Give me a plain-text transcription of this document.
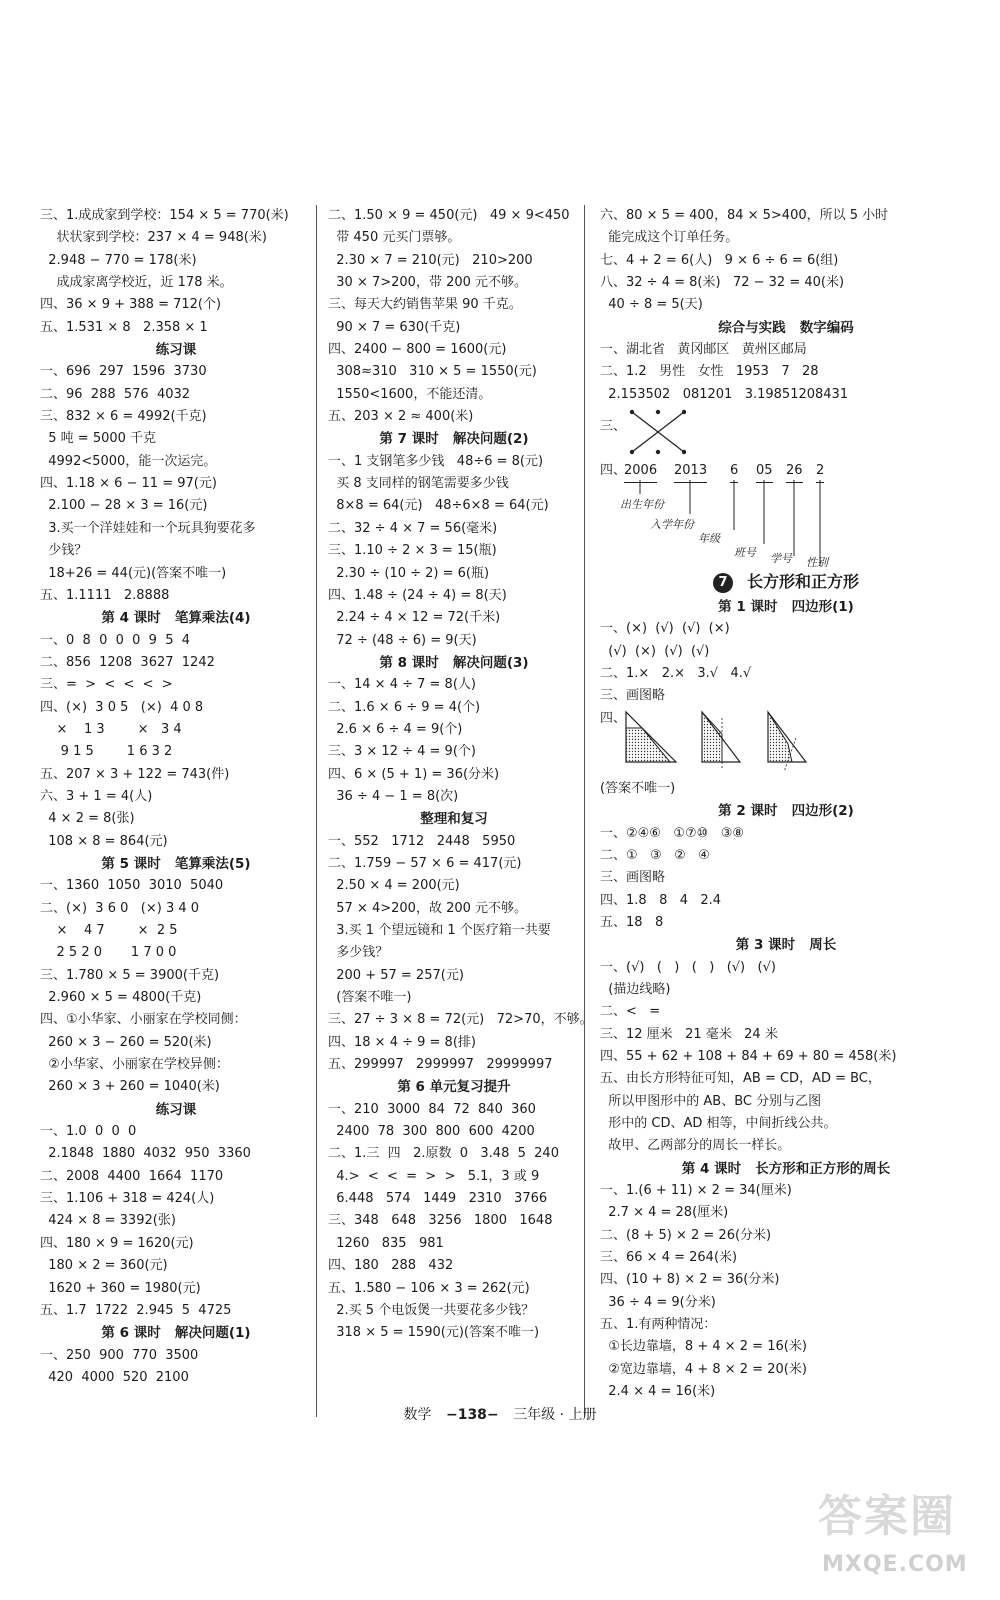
三、1.成成家到学校：154 × 5 = 770(米)
状状家到学校：237 × 4 = 948(米)
2.948 − 770 = 178(米)
成成家离学校近，近 178 米。
四、36 × 9 + 388 = 712(个)
五、1.531 × 8   2.358 × 1
练习课
一、696  297  1596  3730
二、96  288  576  4032
三、832 × 6 = 4992(千克)
5 吨 = 5000 千克
4992<5000，能一次运完。
四、1.18 × 6 − 11 = 97(元)
2.100 − 28 × 3 = 16(元)
3.买一个洋娃娃和一个玩具狗要花多
少钱？
18+26 = 44(元)(答案不唯一)
五、1.1111   2.8888
第 4 课时   笔算乘法(4)
一、0  8  0  0  0  9  5  4
二、856  1208  3627  1242
三、=  >  <  <  <  >
四、(×)  3 0 5   (×)  4 0 8
×    1 3        ×   3 4
9 1 5        1 6 3 2
五、207 × 3 + 122 = 743(件)
六、3 + 1 = 4(人)
4 × 2 = 8(张)
108 × 8 = 864(元)
第 5 课时   笔算乘法(5)
一、1360  1050  3010  5040
二、(×)  3 6 0   (×) 3 4 0
×    4 7        ×  2 5
2 5 2 0       1 7 0 0
三、1.780 × 5 = 3900(千克)
2.960 × 5 = 4800(千克)
四、①小华家、小丽家在学校同侧：
260 × 3 − 260 = 520(米)
②小华家、小丽家在学校异侧：
260 × 3 + 260 = 1040(米)
练习课
一、1.0  0  0  0
2.1848  1880  4032  950  3360
二、2008  4400  1664  1170
三、1.106 + 318 = 424(人)
424 × 8 = 3392(张)
四、180 × 9 = 1620(元)
180 × 2 = 360(元)
1620 + 360 = 1980(元)
五、1.7  1722  2.945  5  4725
第 6 课时   解决问题(1)
一、250  900  770  3500
420  4000  520  2100
二、1.50 × 9 = 450(元)   49 × 9<450
带 450 元买门票够。
2.30 × 7 = 210(元)   210>200
30 × 7>200，带 200 元不够。
三、每天大约销售苹果 90 千克。
90 × 7 = 630(千克)
四、2400 − 800 = 1600(元)
308≈310   310 × 5 = 1550(元)
1550<1600，不能还清。
五、203 × 2 ≈ 400(米)
第 7 课时   解决问题(2)
一、1 支钢笔多少钱   48÷6 = 8(元)
买 8 支同样的钢笔需要多少钱
8×8 = 64(元)   48÷6×8 = 64(元)
二、32 ÷ 4 × 7 = 56(毫米)
三、1.10 ÷ 2 × 3 = 15(瓶)
2.30 ÷ (10 ÷ 2) = 6(瓶)
四、1.48 ÷ (24 ÷ 4) = 8(天)
2.24 ÷ 4 × 12 = 72(千米)
72 ÷ (48 ÷ 6) = 9(天)
第 8 课时   解决问题(3)
一、14 × 4 ÷ 7 = 8(人)
二、1.6 × 6 ÷ 9 = 4(个)
2.6 × 6 ÷ 4 = 9(个)
三、3 × 12 ÷ 4 = 9(个)
四、6 × (5 + 1) = 36(分米)
36 ÷ 4 − 1 = 8(次)
整理和复习
一、552   1712   2448   5950
二、1.759 − 57 × 6 = 417(元)
2.50 × 4 = 200(元)
57 × 4>200，故 200 元不够。
3.买 1 个望远镜和 1 个医疗箱一共要
多少钱？
200 + 57 = 257(元)
(答案不唯一)
三、27 ÷ 3 × 8 = 72(元)   72>70，不够。
四、18 × 4 ÷ 9 = 8(排)
五、299997   2999997   29999997
第 6 单元复习提升
一、210  3000  84  72  840  360
2400  78  300  800  600  4200
二、1.三  四   2.原数  0   3.48  5  240
4.>  <  <  =  >  >   5.1，3 或 9
6.448   574   1449   2310   3766
三、348   648   3256   1800   1648
1260   835   981
四、180   288   432
五、1.580 − 106 × 3 = 262(元)
2.买 5 个电饭煲一共要花多少钱？
318 × 5 = 1590(元)(答案不唯一)
六、80 × 5 = 400，84 × 5>400，所以 5 小时
能完成这个订单任务。
七、4 + 2 = 6(人)   9 × 6 ÷ 6 = 6(组)
八、32 ÷ 4 = 8(米)   72 − 32 = 40(米)
40 ÷ 8 = 5(天)
综合与实践   数字编码
一、湖北省   黄冈邮区   黄州区邮局
二、1.2   男性   女性   1953   7   28
2.153502   081201   3.19851208431

三、

四、
2006 2013 6 05 26 2
出生年份
入学年份
年级
班号 学号 性别
7 长方形和正方形
第 1 课时   四边形(1)
一、(×)  (√)  (√)  (×)
(√)  (×)  (√)  (√)
二、1.×   2.×   3.√   4.√
三、画图略
四、
(答案不唯一)
第 2 课时   四边形(2)
一、②④⑥   ①⑦⑩   ③⑧
二、①   ③   ②   ④
三、画图略
四、1.8   8   4   2.4
五、18   8
第 3 课时   周长
一、(√)   (   )   (   )   (√)   (√)
(描边线略)
二、<   =
三、12 厘米   21 毫米   24 米
四、55 + 62 + 108 + 84 + 69 + 80 = 458(米)
五、由长方形特征可知，AB = CD，AD = BC，
所以甲图形中的 AB、BC 分别与乙图
形中的 CD、AD 相等，中间折线公共。
故甲、乙两部分的周长一样长。
第 4 课时   长方形和正方形的周长
一、1.(6 + 11) × 2 = 34(厘米)
2.7 × 4 = 28(厘米)
二、(8 + 5) × 2 = 26(分米)
三、66 × 4 = 264(米)
四、(10 + 8) × 2 = 36(分米)
36 ÷ 4 = 9(分米)
五、1.有两种情况：
①长边靠墙，8 + 4 × 2 = 16(米)
②宽边靠墙，4 + 8 × 2 = 20(米)
2.4 × 4 = 16(米)
数学 −138− 三年级 · 上册
答案圈
MXQE.COM
